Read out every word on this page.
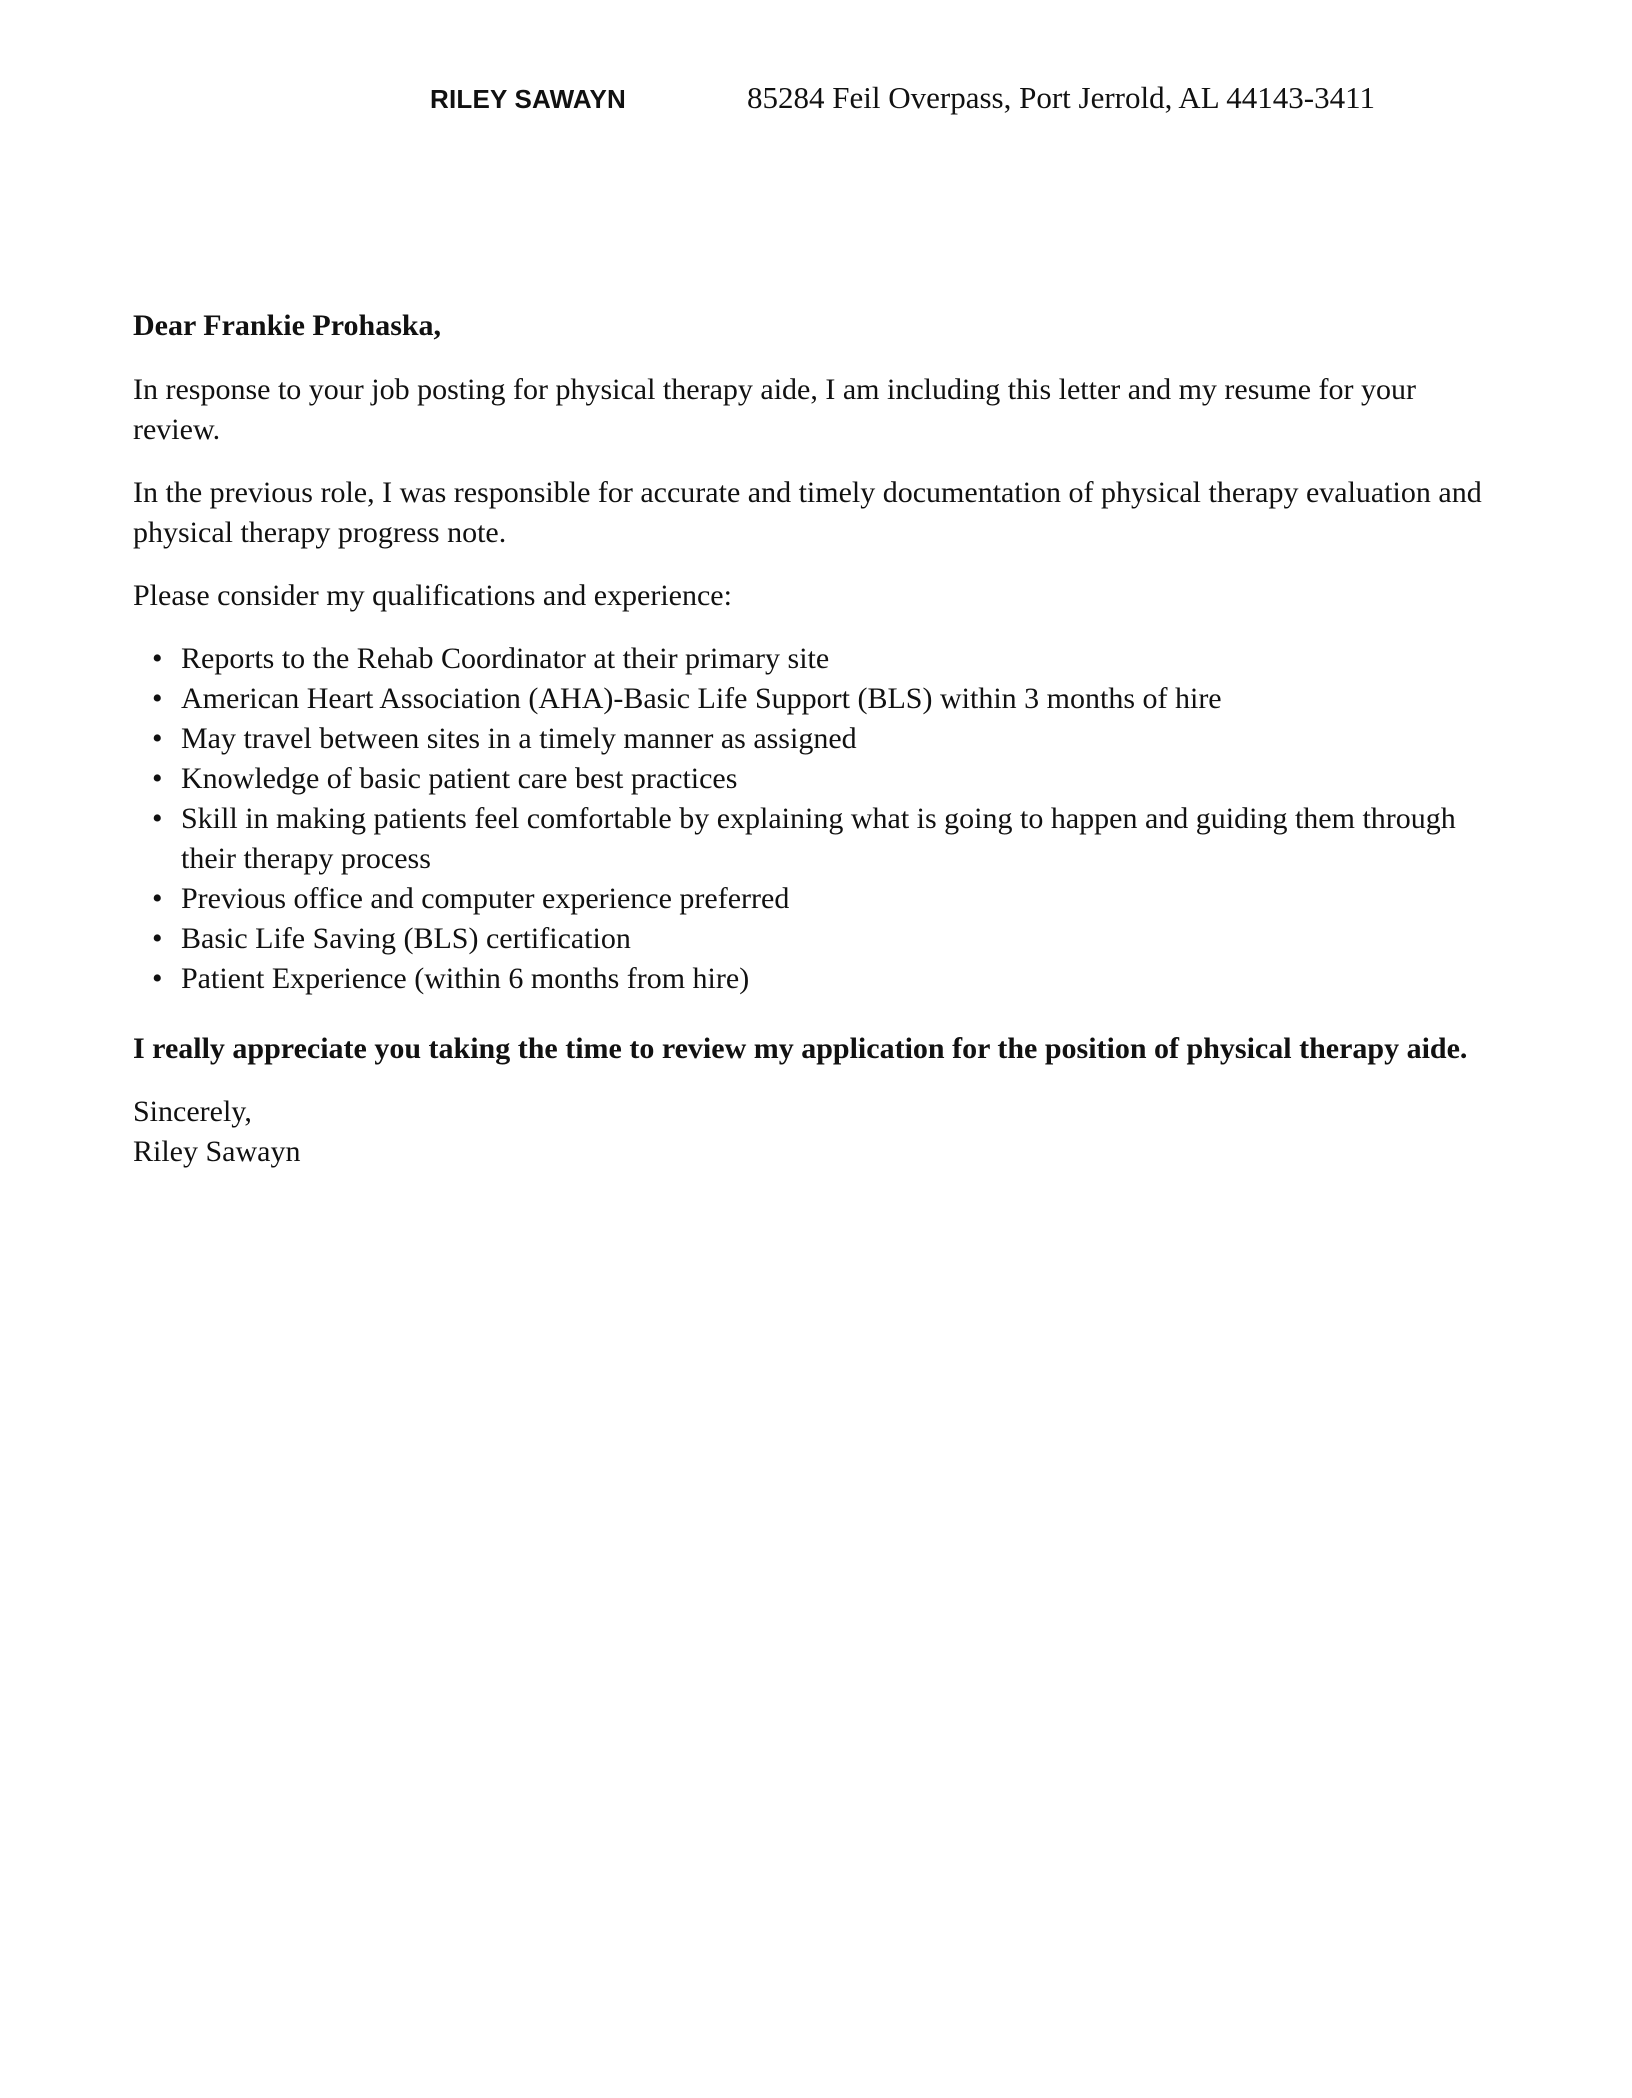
RILEY SAWAYN	85284 Feil Overpass, Port Jerrold, AL 44143-3411

Dear Frankie Prohaska,

In response to your job posting for physical therapy aide, I am including this letter and my resume for your review.

In the previous role, I was responsible for accurate and timely documentation of physical therapy evaluation and physical therapy progress note.

Please consider my qualifications and experience:

• Reports to the Rehab Coordinator at their primary site
• American Heart Association (AHA)-Basic Life Support (BLS) within 3 months of hire
• May travel between sites in a timely manner as assigned
• Knowledge of basic patient care best practices
• Skill in making patients feel comfortable by explaining what is going to happen and guiding them through their therapy process
• Previous office and computer experience preferred
• Basic Life Saving (BLS) certification
• Patient Experience (within 6 months from hire)

I really appreciate you taking the time to review my application for the position of physical therapy aide.

Sincerely,

Riley Sawayn
